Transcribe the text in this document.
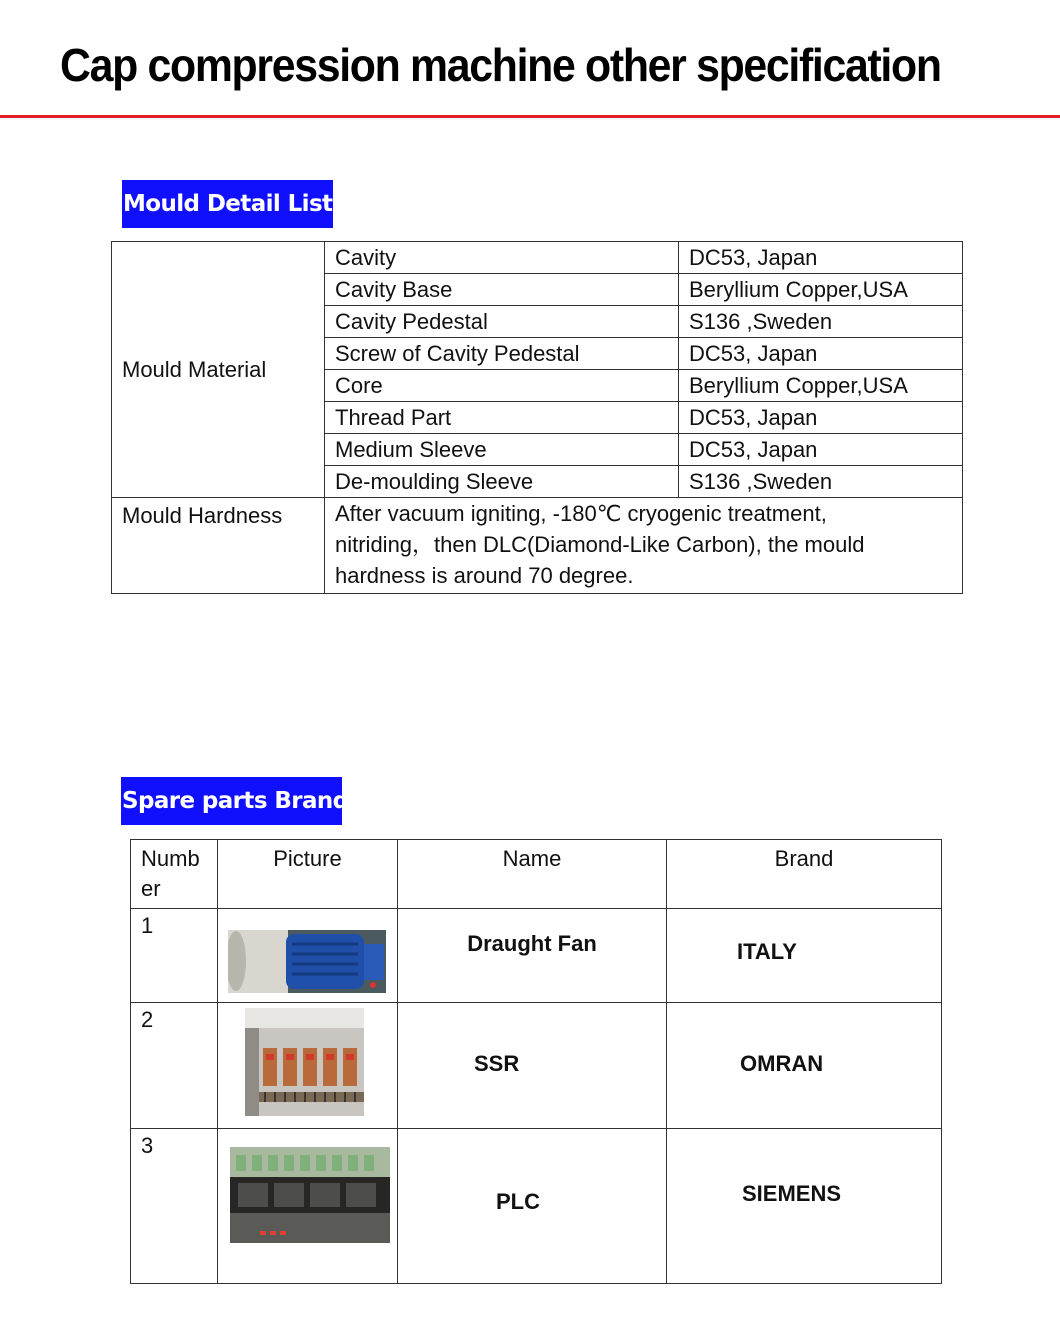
Cap compression machine other specification
Mould Detail List
Mould Material	Cavity	DC53, Japan
	Cavity Base	Beryllium Copper,USA
	Cavity Pedestal	S136 ,Sweden
	Screw of Cavity Pedestal	DC53, Japan
	Core	Beryllium Copper,USA
	Thread Part	DC53, Japan
	Medium Sleeve	DC53, Japan
	De-moulding Sleeve	S136 ,Sweden
Mould Hardness	After vacuum igniting, -180℃ cryogenic treatment,
nitriding，then DLC(Diamond-Like Carbon), the mould
hardness is around 70 degree.	
Spare parts Brand
Numb er	Picture	Name	Brand
1		Draught Fan	ITALY
2		SSR	OMRAN
3		PLC	SIEMENS
